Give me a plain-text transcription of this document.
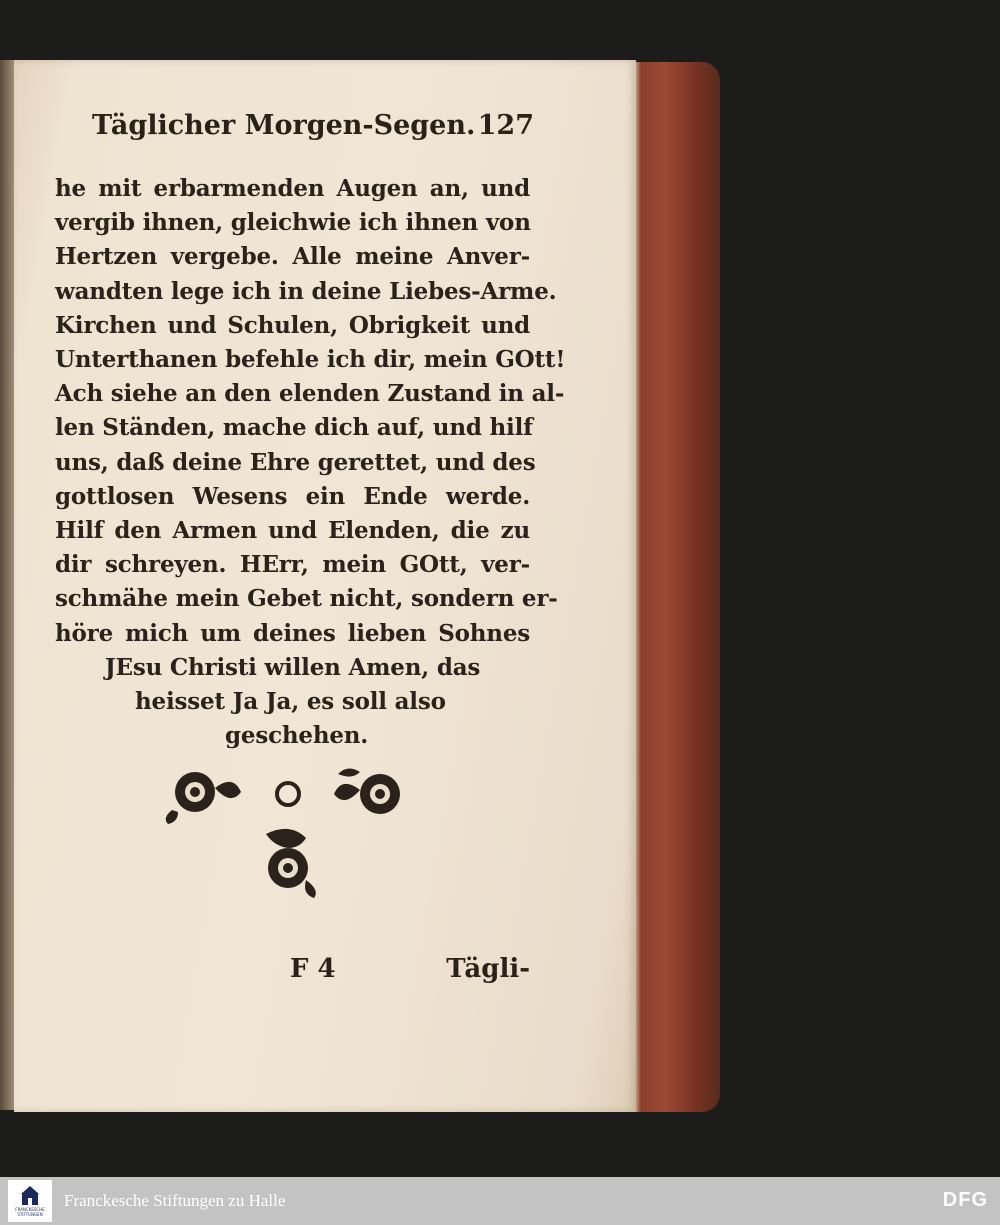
Täglicher Morgen-Segen. 127
he mit erbarmenden Augen an, und
vergib ihnen, gleichwie ich ihnen von
Hertzen vergebe. Alle meine Anver-
wandten lege ich in deine Liebes-Arme.
Kirchen und Schulen, Obrigkeit und
Unterthanen befehle ich dir, mein GOtt!
Ach siehe an den elenden Zustand in al-
len Ständen, mache dich auf, und hilf
uns, daß deine Ehre gerettet, und des
gottlosen Wesens ein Ende werde.
Hilf den Armen und Elenden, die zu
dir schreyen. HErr, mein GOtt, ver-
schmähe mein Gebet nicht, sondern er-
höre mich um deines lieben Sohnes
JEsu Christi willen Amen, das
heisset Ja Ja, es soll also
geschehen.
F 4	Tägli-
FRANCKESCHE STIFTUNGEN
Franckesche Stiftungen zu Halle	DFG
